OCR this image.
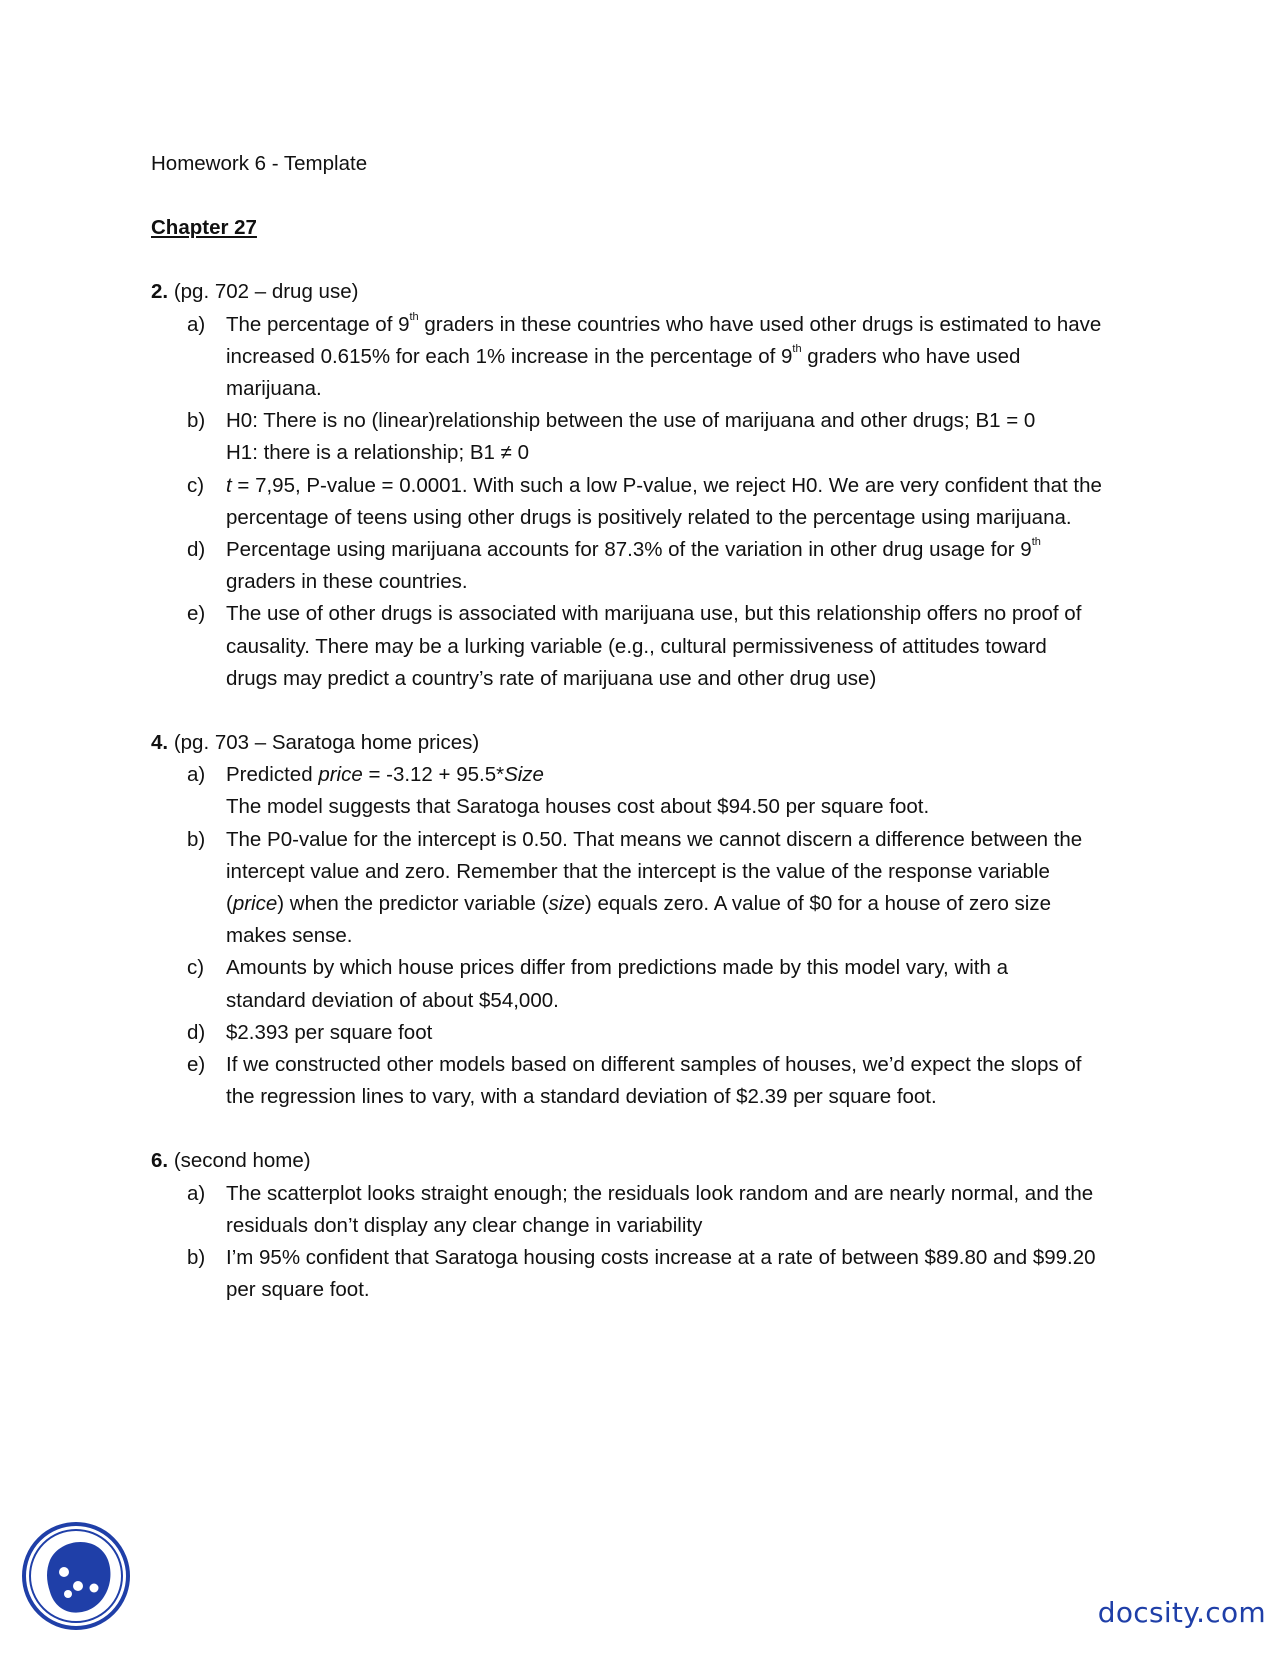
Homework 6 - Template
Chapter 27
2. (pg. 702 – drug use)
a) The percentage of 9th graders in these countries who have used other drugs is estimated to have
increased 0.615% for each 1% increase in the percentage of 9th graders who have used
marijuana.
b) H0: There is no (linear)relationship between the use of marijuana and other drugs; B1 = 0
H1: there is a relationship; B1 ≠ 0
c) t = 7,95, P-value = 0.0001. With such a low P-value, we reject H0. We are very confident that the
percentage of teens using other drugs is positively related to the percentage using marijuana.
d) Percentage using marijuana accounts for 87.3% of the variation in other drug usage for 9th
graders in these countries.
e) The use of other drugs is associated with marijuana use, but this relationship offers no proof of
causality. There may be a lurking variable (e.g., cultural permissiveness of attitudes toward
drugs may predict a country’s rate of marijuana use and other drug use)
4. (pg. 703 – Saratoga home prices)
a) Predicted price = -3.12 + 95.5*Size
The model suggests that Saratoga houses cost about $94.50 per square foot.
b) The P0-value for the intercept is 0.50. That means we cannot discern a difference between the
intercept value and zero. Remember that the intercept is the value of the response variable
(price) when the predictor variable (size) equals zero. A value of $0 for a house of zero size
makes sense.
c) Amounts by which house prices differ from predictions made by this model vary, with a
standard deviation of about $54,000.
d) $2.393 per square foot
e) If we constructed other models based on different samples of houses, we’d expect the slops of
the regression lines to vary, with a standard deviation of $2.39 per square foot.
6. (second home)
a) The scatterplot looks straight enough; the residuals look random and are nearly normal, and the
residuals don’t display any clear change in variability
b) I’m 95% confident that Saratoga housing costs increase at a rate of between $89.80 and $99.20
per square foot.
docsity.com
